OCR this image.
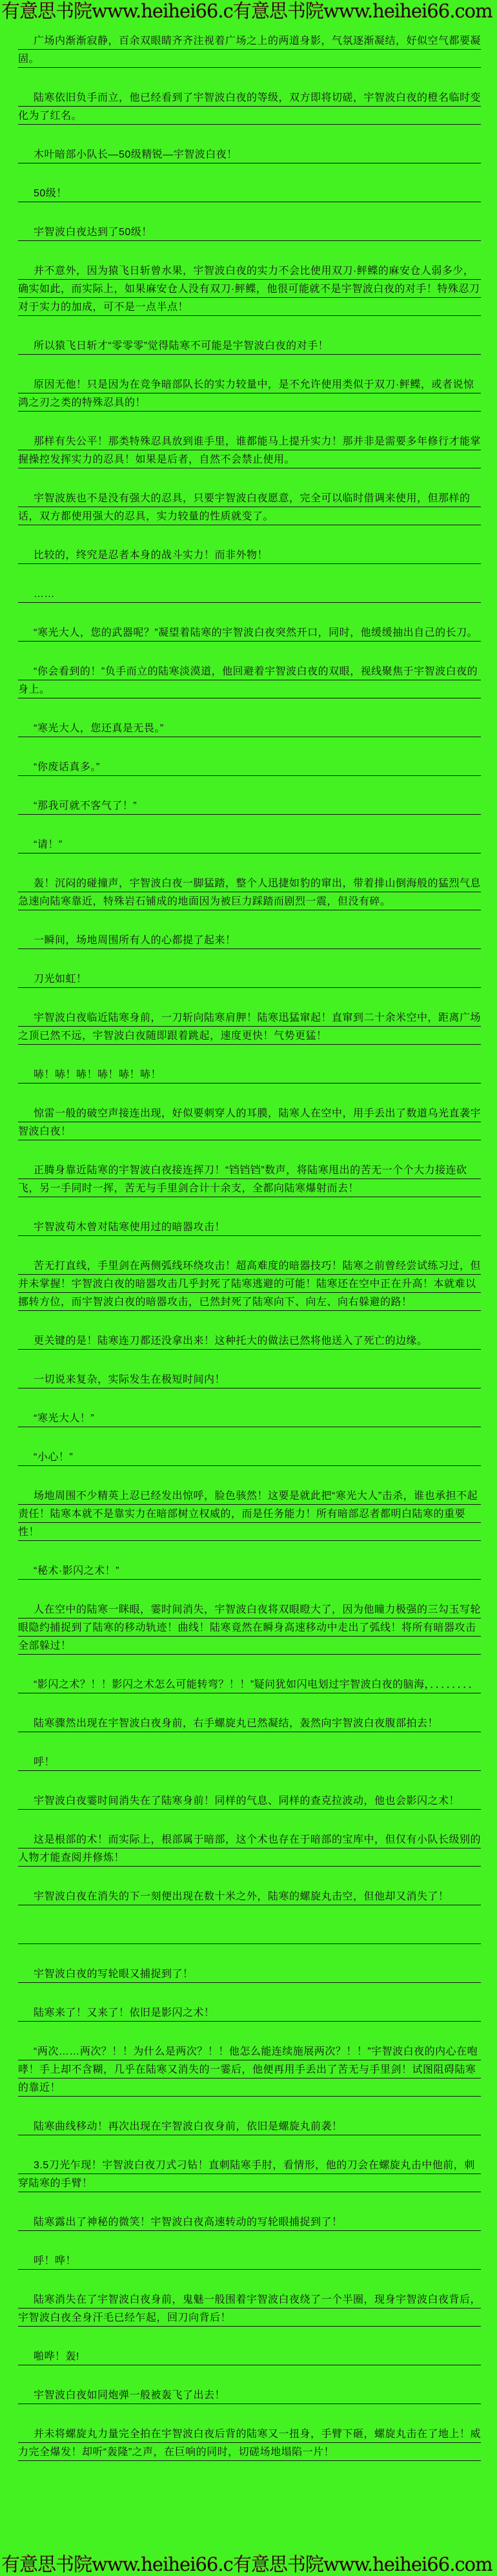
有意思书院www.heihei66.c有意思书院www.heihei66.com

广场内渐渐寂静，百余双眼睛齐齐注视着广场之上的两道身影，气氛逐渐凝结，好似空气都要凝固。

陆寒依旧负手而立，他已经看到了宇智波白夜的等级，双方即将切磋，宇智波白夜的橙名临时变化为了红名。

木叶暗部小队长—50级精锐—宇智波白夜！

50级！

宇智波白夜达到了50级！

并不意外，因为猿飞日斩曾水果，宇智波白夜的实力不会比使用双刀·鲆鲽的麻安仓人弱多少，确实如此，而实际上，如果麻安仓人没有双刀·鲆鲽，他很可能就不是宇智波白夜的对手！特殊忍刀对于实力的加成，可不是一点半点！

所以猿飞日斩才“零零零”觉得陆寒不可能是宇智波白夜的对手！

原因无他！只是因为在竞争暗部队长的实力较量中，是不允许使用类似于双刀·鲆鲽，或者说惊鸿之刃之类的特殊忍具的！

那样有失公平！那类特殊忍具放到谁手里，谁都能马上提升实力！那并非是需要多年修行才能掌握操控发挥实力的忍具！如果是后者，自然不会禁止使用。

宇智波族也不是没有强大的忍具，只要宇智波白夜愿意，完全可以临时借调来使用，但那样的话，双方都使用强大的忍具，实力较量的性质就变了。

比较的，终究是忍者本身的战斗实力！而非外物！

……

“寒光大人，您的武器呢？”凝望着陆寒的宇智波白夜突然开口，同时，他缓缓抽出自己的长刀。

“你会看到的！”负手而立的陆寒淡漠道，他回避着宇智波白夜的双眼，视线聚焦于宇智波白夜的身上。

“寒光大人，您还真是无畏。”

“你废话真多。”

“那我可就不客气了！”

“请！”

轰！沉闷的碰撞声，宇智波白夜一脚猛踏，整个人迅捷如豹的窜出，带着排山倒海般的猛烈气息急速向陆寒靠近，特殊岩石铺成的地面因为被巨力踩踏而剧烈一震，但没有碎。

一瞬间，场地周围所有人的心都提了起来！

刀光如虹！

宇智波白夜临近陆寒身前，一刀斩向陆寒肩胛！陆寒迅猛窜起！直窜到二十余米空中，距离广场之顶已然不远，宇智波白夜随即跟着跳起，速度更快！气势更猛！

哧！哧！哧！哧！哧！哧！

惊雷一般的破空声接连出现，好似要刺穿人的耳膜，陆寒人在空中，用手丢出了数道乌光直袭宇智波白夜！

正腾身靠近陆寒的宇智波白夜接连挥刀！“铛铛铛”数声，将陆寒甩出的苦无一个个大力接连砍飞，另一手同时一挥，苦无与手里剑合计十余支，全都向陆寒爆射而去！

宇智波苟木曾对陆寒使用过的暗器攻击！

苦无打直线，手里剑在两侧弧线环绕攻击！超高难度的暗器技巧！陆寒之前曾经尝试练习过，但并未掌握！宇智波白夜的暗器攻击几乎封死了陆寒逃避的可能！陆寒还在空中正在升高！本就难以挪转方位，而宇智波白夜的暗器攻击，已然封死了陆寒向下、向左、向右躲避的路！

更关键的是！陆寒连刀都还没拿出来！这种托大的做法已然将他送入了死亡的边缘。

一切说来复杂，实际发生在极短时间内！

“寒光大人！”

“小心！”

场地周围不少精英上忍已经发出惊呼，脸色骇然！这要是就此把“寒光大人”击杀，谁也承担不起责任！陆寒本就不是靠实力在暗部树立权威的，而是任务能力！所有暗部忍者都明白陆寒的重要性！

“秘术·影闪之术！”

人在空中的陆寒一眯眼，霎时间消失，宇智波白夜将双眼瞪大了，因为他瞳力极强的三勾玉写轮眼隐约捕捉到了陆寒的移动轨迹！曲线！陆寒竟然在瞬身高速移动中走出了弧线！将所有暗器攻击全部躲过！

“影闪之术？！！影闪之术怎么可能转弯？！！”疑问犹如闪电划过宇智波白夜的脑海，．．．．．．．．

陆寒骤然出现在宇智波白夜身前，右手螺旋丸已然凝结，轰然向宇智波白夜腹部拍去！

呼！

宇智波白夜霎时间消失在了陆寒身前！同样的气息、同样的查克拉波动，他也会影闪之术！

这是根部的术！而实际上，根部属于暗部，这个术也存在于暗部的宝库中，但仅有小队长级别的人物才能查阅并修炼！

宇智波白夜在消失的下一刻便出现在数十米之外，陆寒的螺旋丸击空，但他却又消失了！

宇智波白夜的写轮眼又捕捉到了！

陆寒来了！又来了！依旧是影闪之术！

“两次……两次？！！为什么是两次？！！他怎么能连续施展两次？！！”宇智波白夜的内心在咆哮！手上却不含糊，几乎在陆寒又消失的一霎后，他便再用手丢出了苦无与手里剑！试图阻碍陆寒的靠近！

陆寒曲线移动！再次出现在宇智波白夜身前，依旧是螺旋丸前袭！

3.5刀光乍现！宇智波白夜刀式刁钻！直刺陆寒手肘，看情形，他的刀会在螺旋丸击中他前，刺穿陆寒的手臂！

陆寒露出了神秘的微笑！宇智波白夜高速转动的写轮眼捕捉到了！

呼！哗！

陆寒消失在了宇智波白夜身前，鬼魅一般围着宇智波白夜绕了一个半圈，现身宇智波白夜背后，宇智波白夜全身汗毛已经乍起，回刀向背后！

啪哗！轰!

宇智波白夜如同炮弹一般被轰飞了出去！

并未将螺旋丸力量完全拍在宇智波白夜后背的陆寒又一扭身，手臂下砸，螺旋丸击在了地上！威力完全爆发！却听“轰隆”之声，在巨响的同时，切磋场地塌陷一片！

有意思书院www.heihei66.c有意思书院www.heihei66.com
